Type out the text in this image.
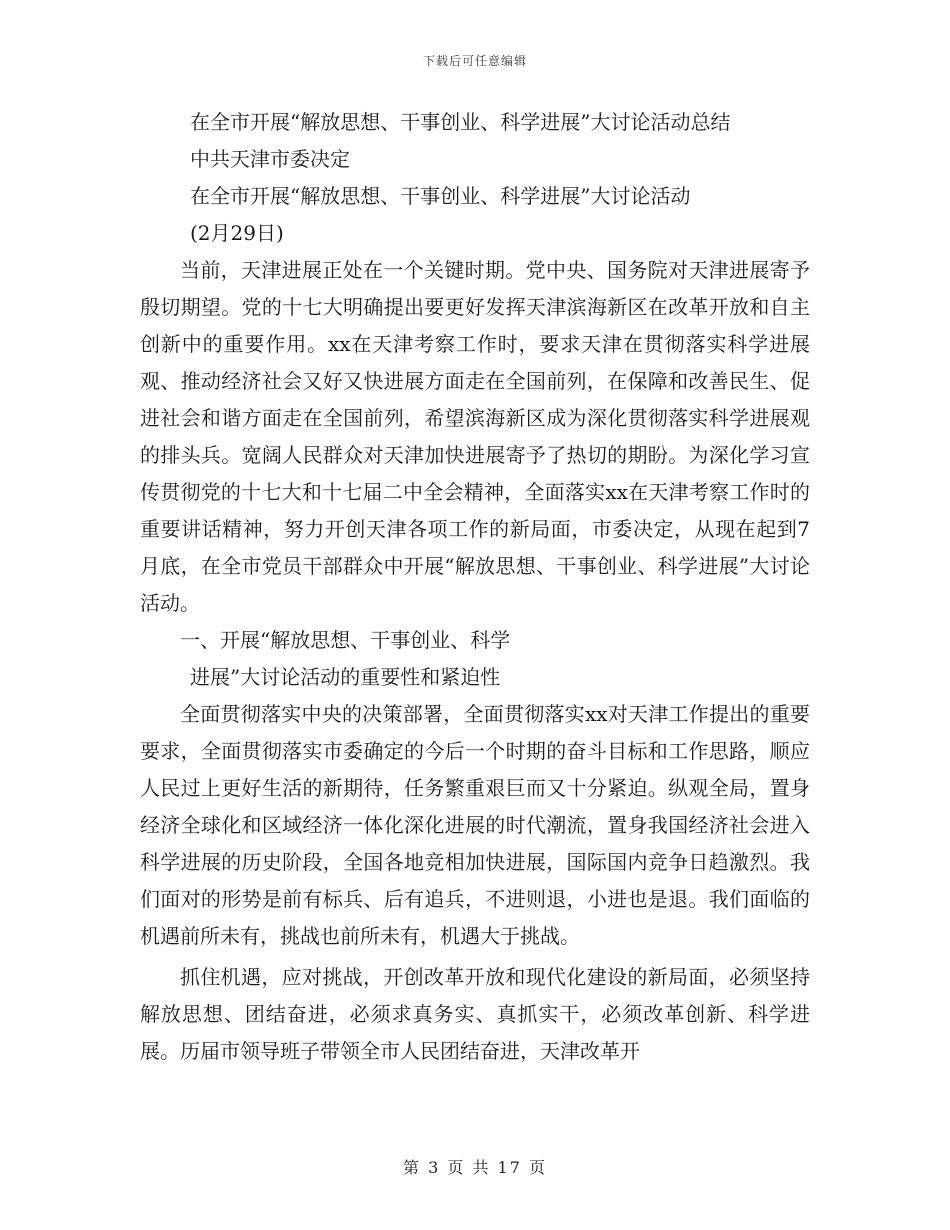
下载后可任意编辑
在全市开展“解放思想、干事创业、科学进展”大讨论活动总结
中共天津市委决定
在全市开展“解放思想、干事创业、科学进展”大讨论活动
(2月29日)

当前，天津进展正处在一个关键时期。党中央、国务院对天津进展寄予殷切期望。党的十七大明确提出要更好发挥天津滨海新区在改革开放和自主创新中的重要作用。xx在天津考察工作时，要求天津在贯彻落实科学进展观、推动经济社会又好又快进展方面走在全国前列，在保障和改善民生、促进社会和谐方面走在全国前列，希望滨海新区成为深化贯彻落实科学进展观的排头兵。宽阔人民群众对天津加快进展寄予了热切的期盼。为深化学习宣传贯彻党的十七大和十七届二中全会精神，全面落实xx在天津考察工作时的重要讲话精神，努力开创天津各项工作的新局面，市委决定，从现在起到7月底，在全市党员干部群众中开展“解放思想、干事创业、科学进展”大讨论活动。

一、开展“解放思想、干事创业、科学
进展”大讨论活动的重要性和紧迫性

全面贯彻落实中央的决策部署，全面贯彻落实xx对天津工作提出的重要要求，全面贯彻落实市委确定的今后一个时期的奋斗目标和工作思路，顺应人民过上更好生活的新期待，任务繁重艰巨而又十分紧迫。纵观全局，置身经济全球化和区域经济一体化深化进展的时代潮流，置身我国经济社会进入科学进展的历史阶段，全国各地竞相加快进展，国际国内竞争日趋激烈。我们面对的形势是前有标兵、后有追兵，不进则退，小进也是退。我们面临的机遇前所未有，挑战也前所未有，机遇大于挑战。

抓住机遇，应对挑战，开创改革开放和现代化建设的新局面，必须坚持解放思想、团结奋进，必须求真务实、真抓实干，必须改革创新、科学进展。历届市领导班子带领全市人民团结奋进，天津改革开

第 3 页 共 17 页
